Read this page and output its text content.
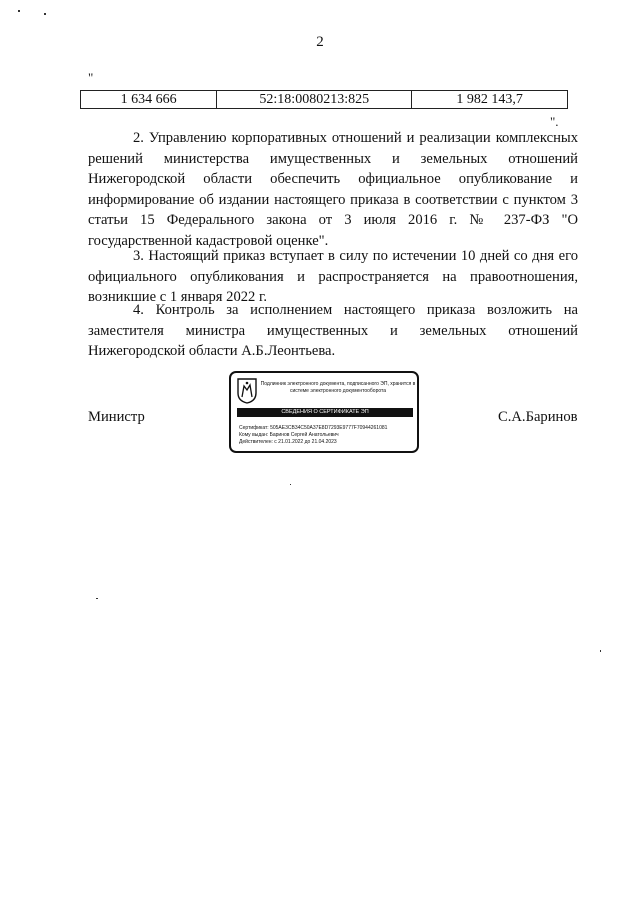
2
"
1 634 666	52:18:0080213:825	1 982 143,7
".

2. Управлению корпоративных отношений и реализации комплексных решений министерства имущественных и земельных отношений Нижегородской области обеспечить официальное опубликование и информирование об издании настоящего приказа в соответствии с пунктом 3 статьи 15 Федерального закона от 3 июля 2016 г. № 237-ФЗ "О государственной кадастровой оценке".

3. Настоящий приказ вступает в силу по истечении 10 дней со дня его официального опубликования и распространяется на правоотношения, возникшие с 1 января 2022 г.

4. Контроль за исполнением настоящего приказа возложить на заместителя министра имущественных и земельных отношений Нижегородской области А.Б.Леонтьева.

Министр
Подлинник электронного документа, подписанного ЭП, хранится в системе электронного документооборота
СВЕДЕНИЯ О СЕРТИФИКАТЕ ЭП
Сертификат: 505AE3CB34C50A37E8D7293E9777F70944261081
Кому выдан: Баринов Сергей Анатольевич
Действителен: с 21.01.2022 до 21.04.2023
С.А.Баринов
